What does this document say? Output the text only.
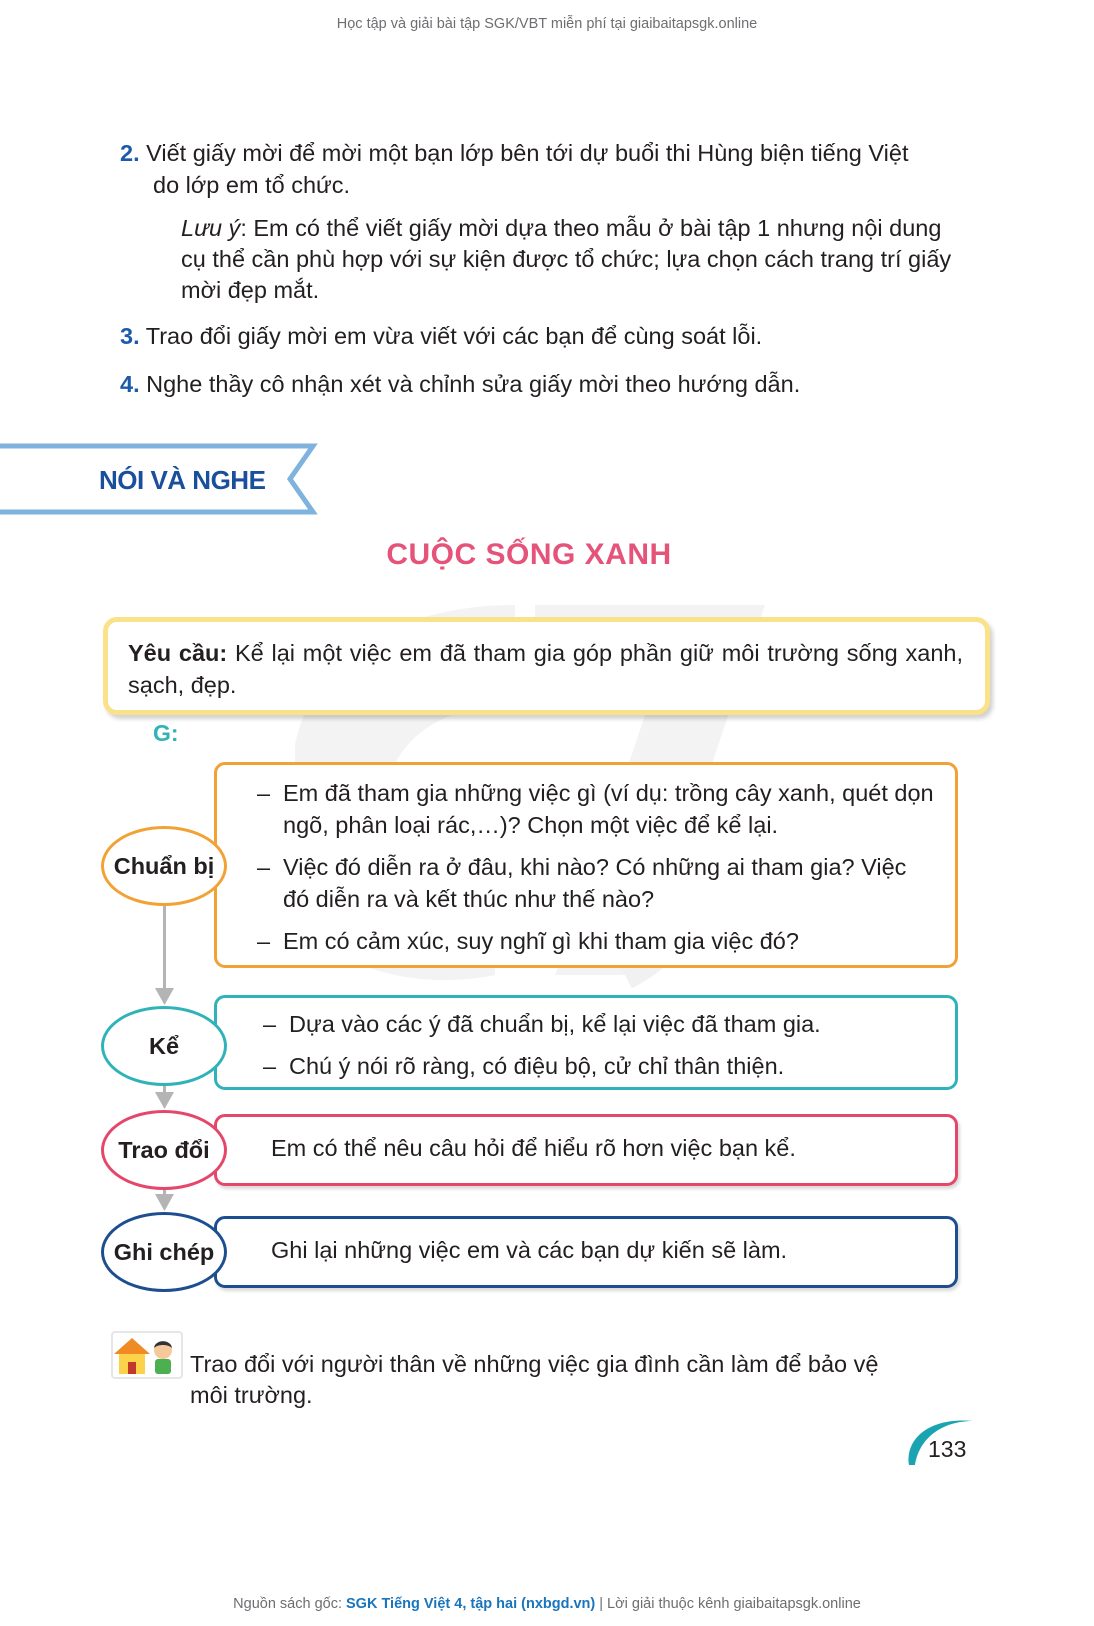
Học tập và giải bài tập SGK/VBT miễn phí tại giaibaitapsgk.online
2. Viết giấy mời để mời một bạn lớp bên tới dự buổi thi Hùng biện tiếng Việt
do lớp em tổ chức.
Lưu ý: Em có thể viết giấy mời dựa theo mẫu ở bài tập 1 nhưng nội dung
cụ thể cần phù hợp với sự kiện được tổ chức; lựa chọn cách trang trí giấy
mời đẹp mắt.
3. Trao đổi giấy mời em vừa viết với các bạn để cùng soát lỗi.
4. Nghe thầy cô nhận xét và chỉnh sửa giấy mời theo hướng dẫn.
NÓI VÀ NGHE
CUỘC SỐNG XANH
Yêu cầu: Kể lại một việc em đã tham gia góp phần giữ môi trường sống xanh, sạch, đẹp.
G:
– Em đã tham gia những việc gì (ví dụ: trồng cây xanh, quét dọn ngõ, phân loại rác,…)? Chọn một việc để kể lại.
– Việc đó diễn ra ở đâu, khi nào? Có những ai tham gia? Việc đó diễn ra và kết thúc như thế nào?
– Em có cảm xúc, suy nghĩ gì khi tham gia việc đó?
Chuẩn bị
– Dựa vào các ý đã chuẩn bị, kể lại việc đã tham gia.
– Chú ý nói rõ ràng, có điệu bộ, cử chỉ thân thiện.
Kể
Em có thể nêu câu hỏi để hiểu rõ hơn việc bạn kể.
Trao đổi
Ghi lại những việc em và các bạn dự kiến sẽ làm.
Ghi chép
Trao đổi với người thân về những việc gia đình cần làm để bảo vệ
môi trường.
133
Nguồn sách gốc: SGK Tiếng Việt 4, tập hai (nxbgd.vn) | Lời giải thuộc kênh giaibaitapsgk.online
